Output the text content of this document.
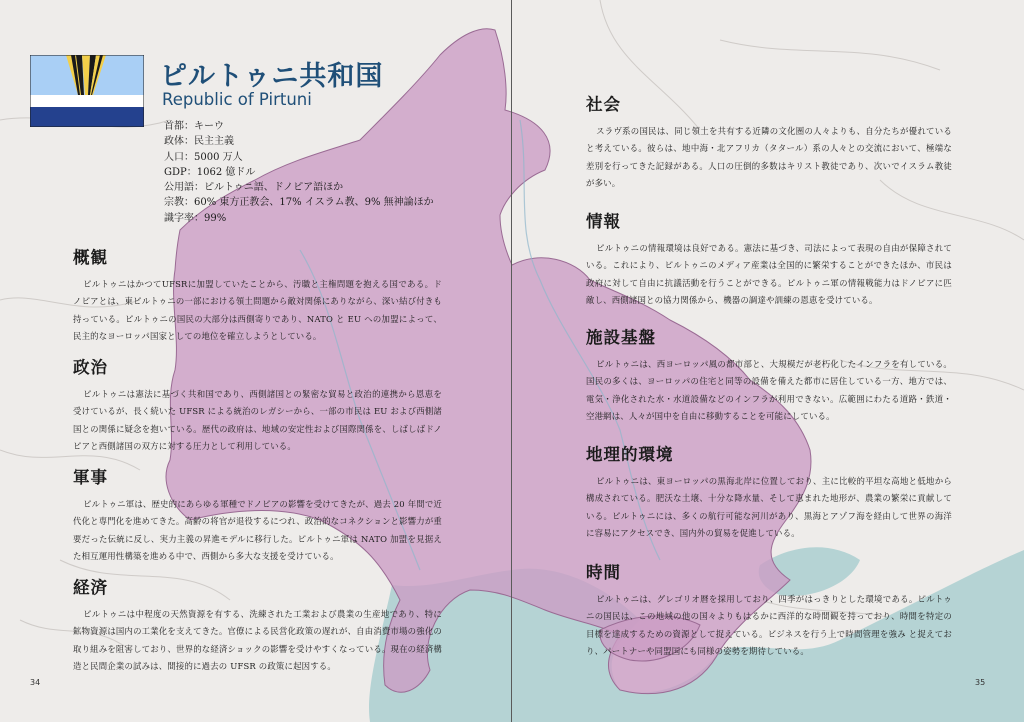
ピルトゥニ共和国
Republic of Pirtuni
首都：キーウ
政体：民主主義
人口：5000 万人
GDP：1062 億ドル
公用語：ピルトゥニ語、ドノピア語ほか
宗教：60% 東方正教会、17% イスラム教、9% 無神論ほか
識字率：99%
概観

ピルトゥニはかつてUFSRに加盟していたことから、汚職と主権問題を抱える国である。ドノピアとは、東ピルトゥニの一部における領土問題から敵対関係にありながら、深い結び付きも持っている。ピルトゥニの国民の大部分は西側寄りであり、NATO と EU への加盟によって、民主的なヨーロッパ国家としての地位を確立しようとしている。

政治

ピルトゥニは憲法に基づく共和国であり、西側諸国との緊密な貿易と政治的連携から恩恵を受けているが、長く続いた UFSR による統治のレガシーから、一部の市民は EU および西側諸国との関係に疑念を抱いている。歴代の政府は、地域の安定性および国際関係を、しばしばドノピアと西側諸国の双方に対する圧力として利用している。

軍事

ピルトゥニ軍は、歴史的にあらゆる軍種でドノピアの影響を受けてきたが、過去 20 年間で近代化と専門化を進めてきた。高齢の将官が退役するにつれ、政治的なコネクションと影響力が重要だった伝統に反し、実力主義の昇進モデルに移行した。ピルトゥニ軍は NATO 加盟を見据えた相互運用性構築を進める中で、西側から多大な支援を受けている。

経済

ピルトゥニは中程度の天然資源を有する、洗練された工業および農業の生産地であり、特に鉱物資源は国内の工業化を支えてきた。官僚による民営化政策の遅れが、自由消費市場の強化の取り組みを阻害しており、世界的な経済ショックの影響を受けやすくなっている。現在の経済構造と民間企業の試みは、間接的に過去の UFSR の政策に起因する。

34	35
社会

スラヴ系の国民は、同じ領土を共有する近隣の文化圏の人々よりも、自分たちが優れていると考えている。彼らは、地中海・北アフリカ（タタール）系の人々との交流において、極端な差別を行ってきた記録がある。人口の圧倒的多数はキリスト教徒であり、次いでイスラム教徒が多い。

情報

ピルトゥニの情報環境は良好である。憲法に基づき、司法によって表現の自由が保障されている。これにより、ピルトゥニのメディア産業は全国的に繁栄することができたほか、市民は政府に対して自由に抗議活動を行うことができる。ピルトゥニ軍の情報戦能力はドノピアに匹敵し、西側諸国との協力関係から、機器の調達や訓練の恩恵を受けている。

施設基盤

ピルトゥニは、西ヨーロッパ風の都市部と、大規模だが老朽化したインフラを有している。国民の多くは、ヨーロッパの住宅と同等の設備を備えた都市に居住している一方、地方では、電気・浄化された水・水道設備などのインフラが利用できない。広範囲にわたる道路・鉄道・空港網は、人々が国中を自由に移動することを可能にしている。

地理的環境

ピルトゥニは、東ヨーロッパの黒海北岸に位置しており、主に比較的平坦な高地と低地から構成されている。肥沃な土壌、十分な降水量、そして恵まれた地形が、農業の繁栄に貢献している。ピルトゥニには、多くの航行可能な河川があり、黒海とアゾフ海を経由して世界の海洋に容易にアクセスでき、国内外の貿易を促進している。

時間

ピルトゥニは、グレゴリオ暦を採用しており、四季がはっきりとした環境である。ピルトゥニの国民は、この地域の他の国々よりもはるかに西洋的な時間観を持っており、時間を特定の目標を達成するための資源として捉えている。ビジネスを行う上で時間管理を強み と捉えており、パートナーや同盟国にも同様の姿勢を期待している。
